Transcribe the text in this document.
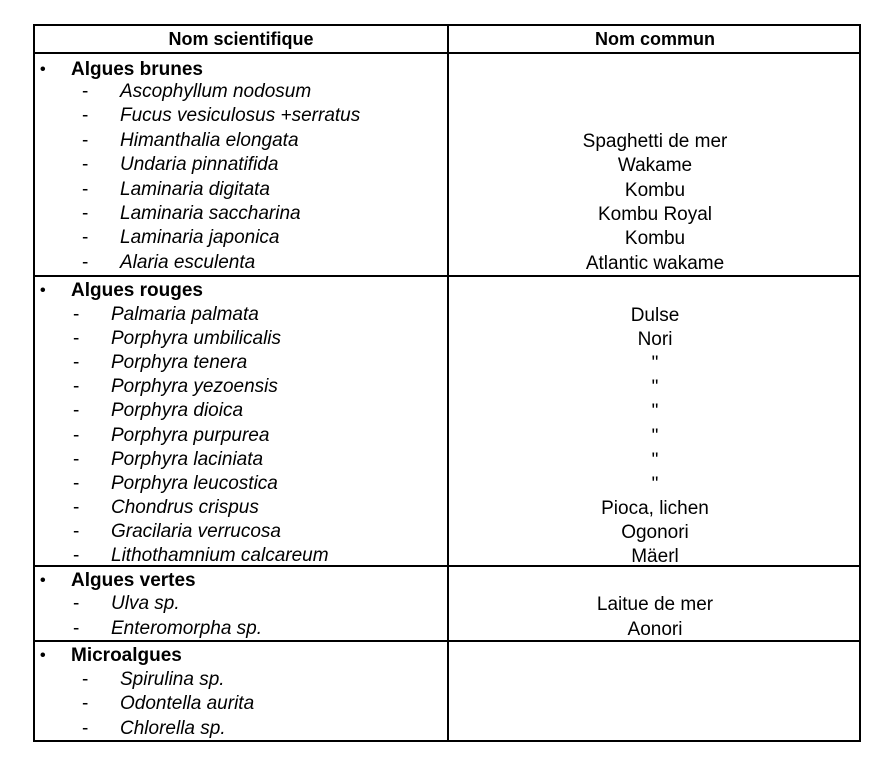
Nom scientifique	Nom commun
• Algues brunes
- Ascophyllum nodosum
- Fucus vesiculosus +serratus
- Himanthalia elongata	Spaghetti de mer
- Undaria pinnatifida	Wakame
- Laminaria digitata	Kombu
- Laminaria saccharina	Kombu Royal
- Laminaria japonica	Kombu
- Alaria esculenta	Atlantic wakame
• Algues rouges
- Palmaria palmata	Dulse
- Porphyra umbilicalis	Nori
- Porphyra tenera	"
- Porphyra yezoensis	"
- Porphyra dioica	"
- Porphyra purpurea	"
- Porphyra laciniata	"
- Porphyra leucostica	"
- Chondrus crispus	Pioca, lichen
- Gracilaria verrucosa	Ogonori
- Lithothamnium calcareum	Mäerl
• Algues vertes
- Ulva sp.	Laitue de mer
- Enteromorpha sp.	Aonori
• Microalgues
- Spirulina sp.
- Odontella aurita
- Chlorella sp.
